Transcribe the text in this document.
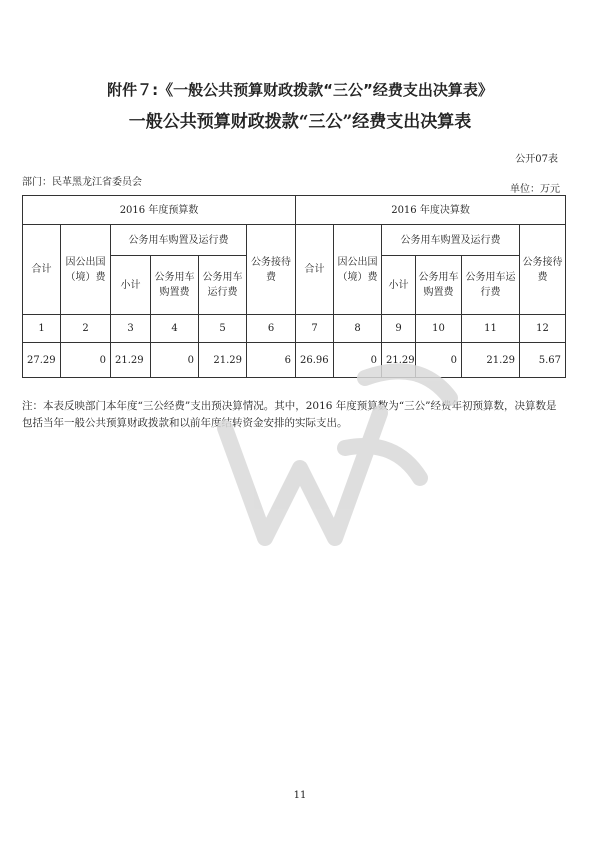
附件７:《一般公共预算财政拨款“三公”经费支出决算表》
一般公共预算财政拨款“三公”经费支出决算表
公开07表
部门：民革黑龙江省委员会
单位：万元
2016 年度预算数						2016 年度决算数					
合计	因公出国（境）费	公务用车购置及运行费			公务接待费	合计	因公出国（境）费	公务用车购置及运行费			公务接待费
		小计	公务用车购置费	公务用车运行费				小计	公务用车购置费	公务用车运行费	
1	2	3	4	5	6	7	8	9	10	11	12
27.29	0	21.29	0	21.29	6	26.96	0	21.29	0	21.29	5.67
注：本表反映部门本年度“三公经费”支出预决算情况。其中，2016 年度预算数为“三公”经费年初预算数，决算数是包括当年一般公共预算财政拨款和以前年度结转资金安排的实际支出。
11
